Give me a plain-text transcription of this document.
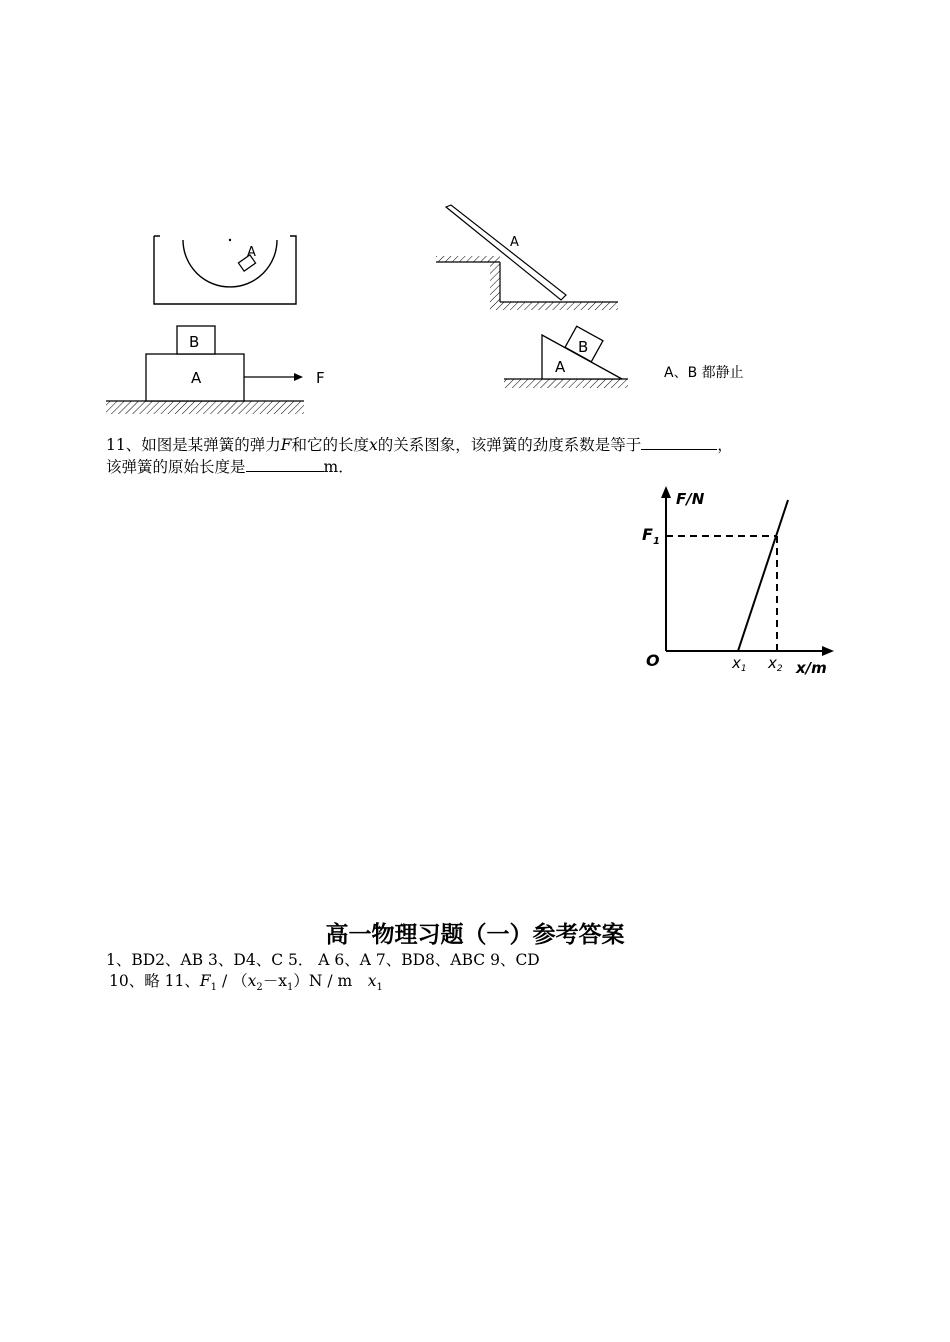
A
A
B
A	F
A
B
A、B 都静止
11、如图是某弹簧的弹力F和它的长度x的关系图象，该弹簧的劲度系数是等于	，
该弹簧的原始长度是	m．
F/N
$F_1$
O	$x_1$ $x_2$ x/m
高一物理习题（一）参考答案
1、BD2、AB 3、D4、C 5． A 6、A 7、BD8、ABC 9、CD
10、略 11、$F_1 / (x_2-x_1)N / m$　$x_1$
